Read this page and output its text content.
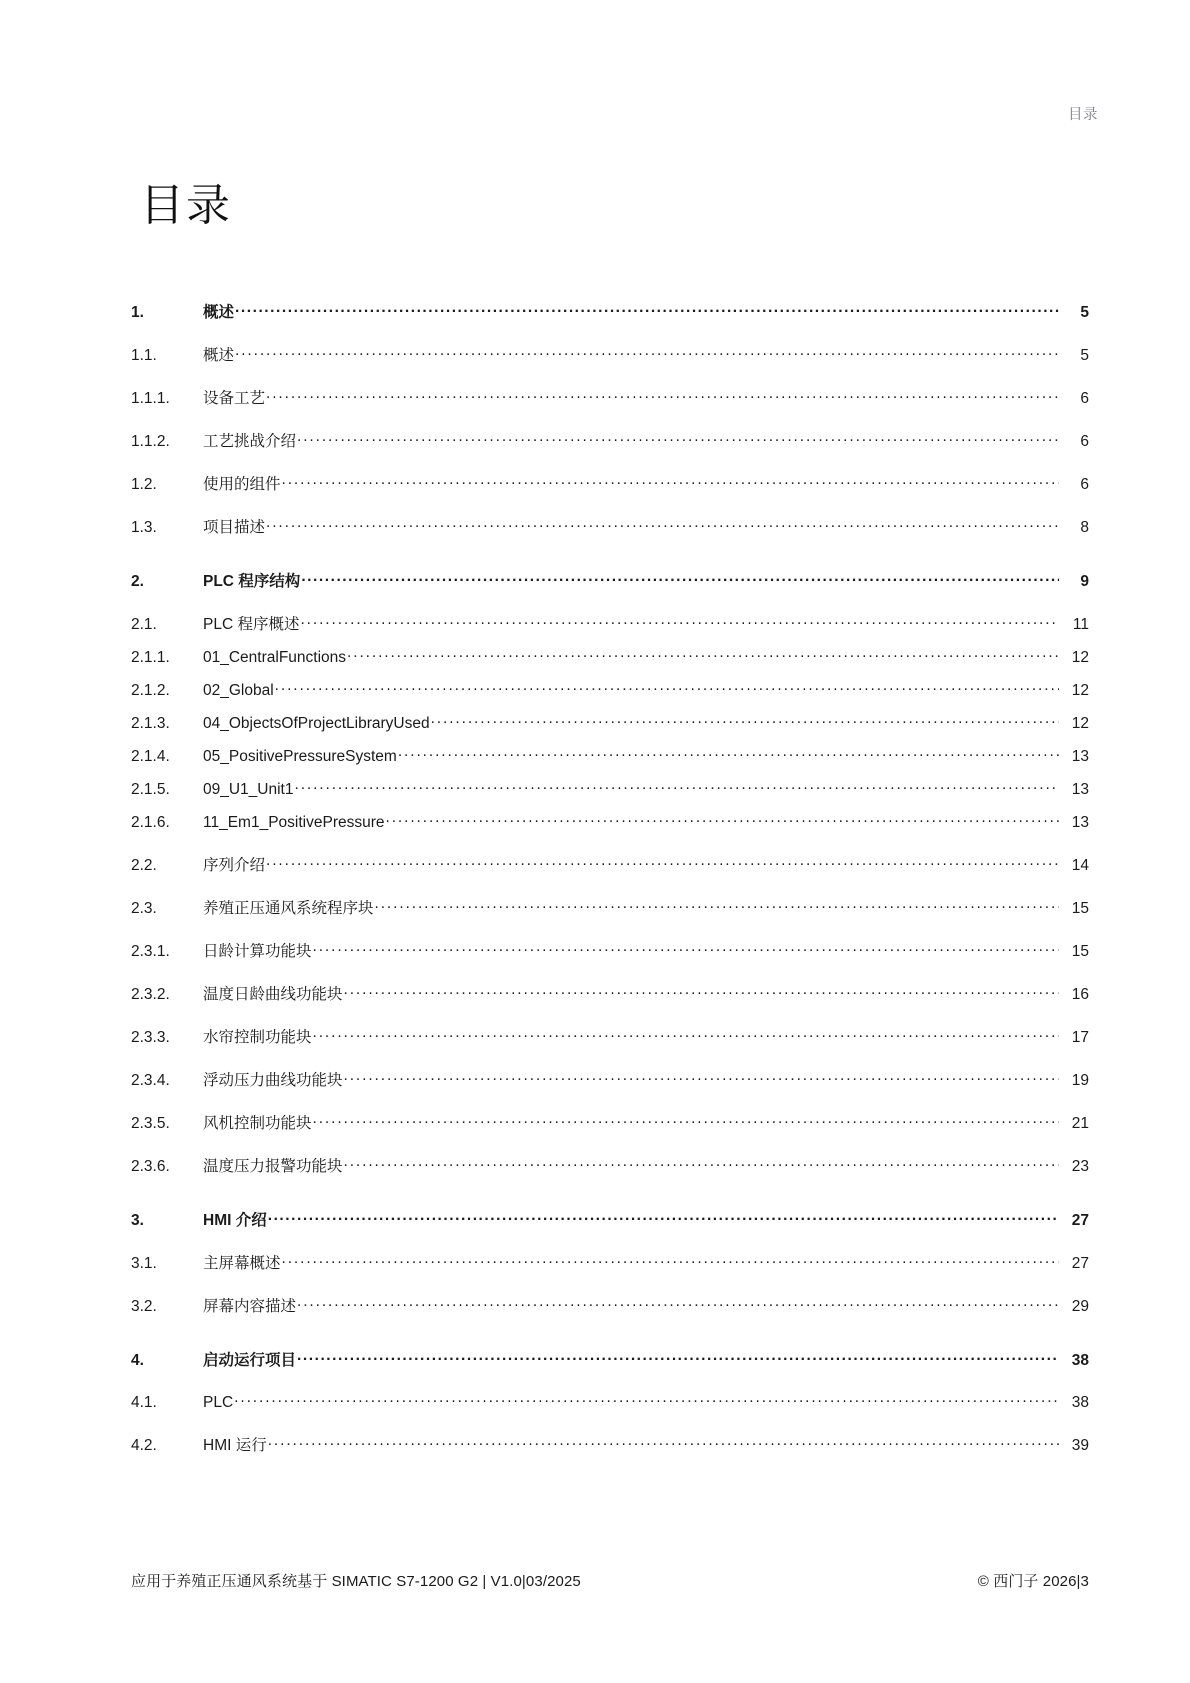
目录
目录
1.	概述 .....	5
1.1.	概述 .....	5
1.1.1.	设备工艺 .....	6
1.1.2.	工艺挑战介绍 .....	6
1.2.	使用的组件 .....	6
1.3.	项目描述 .....	8
2.	PLC 程序结构 .....	9
2.1.	PLC 程序概述 .....	11
2.1.1.	01_CentralFunctions .....	12
2.1.2.	02_Global .....	12
2.1.3.	04_ObjectsOfProjectLibraryUsed .....	12
2.1.4.	05_PositivePressureSystem .....	13
2.1.5.	09_U1_Unit1 .....	13
2.1.6.	11_Em1_PositivePressure .....	13
2.2.	序列介绍 .....	14
2.3.	养殖正压通风系统程序块 .....	15
2.3.1.	日龄计算功能块 .....	15
2.3.2.	温度日龄曲线功能块 .....	16
2.3.3.	水帘控制功能块 .....	17
2.3.4.	浮动压力曲线功能块 .....	19
2.3.5.	风机控制功能块 .....	21
2.3.6.	温度压力报警功能块 .....	23
3.	HMI 介绍 .....	27
3.1.	主屏幕概述 .....	27
3.2.	屏幕内容描述 .....	29
4.	启动运行项目 .....	38
4.1.	PLC .....	38
4.2.	HMI 运行 .....	39
应用于养殖正压通风系统基于 SIMATIC S7-1200 G2 | V1.0|03/2025	© 西门子 2026|3
